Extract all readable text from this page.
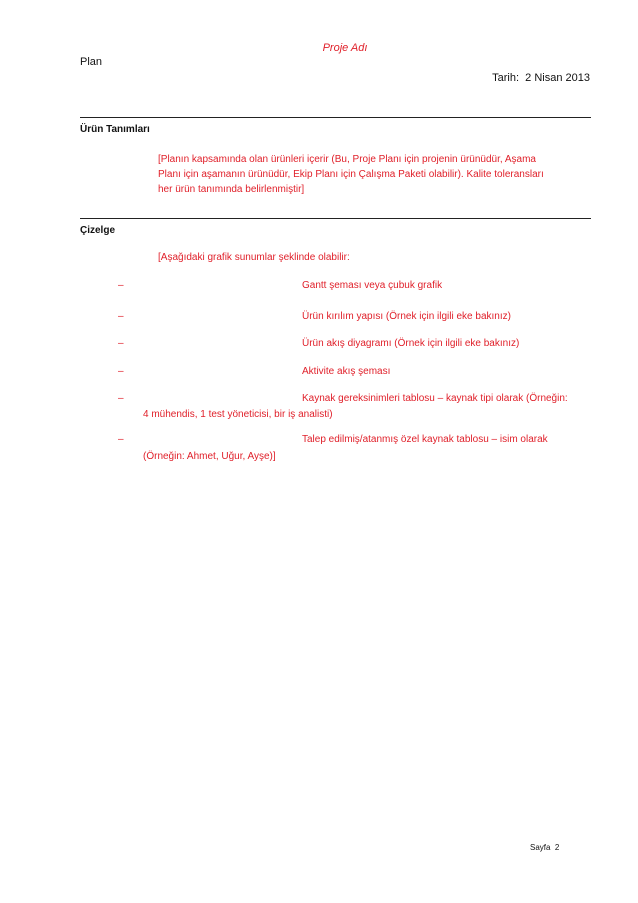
Proje Adı
Plan
Tarih: 2 Nisan 2013
Ürün Tanımları
[Planın kapsamında olan ürünleri içerir (Bu, Proje Planı için projenin ürünüdür, Aşama
Planı için aşamanın ürünüdür, Ekip Planı için Çalışma Paketi olabilir). Kalite toleransları
her ürün tanımında belirlenmiştir]
Çizelge
[Aşağıdaki grafik sunumlar şeklinde olabilir:
–	Gantt şeması veya çubuk grafik
–	Ürün kırılım yapısı (Örnek için ilgili eke bakınız)
–	Ürün akış diyagramı (Örnek için ilgili eke bakınız)
–	Aktivite akış şeması
–	Kaynak gereksinimleri tablosu – kaynak tipi olarak (Örneğin:
4 mühendis, 1 test yöneticisi, bir iş analisti)
–	Talep edilmiş/atanmış özel kaynak tablosu – isim olarak
(Örneğin: Ahmet, Uğur, Ayşe)]
Sayfa 2
